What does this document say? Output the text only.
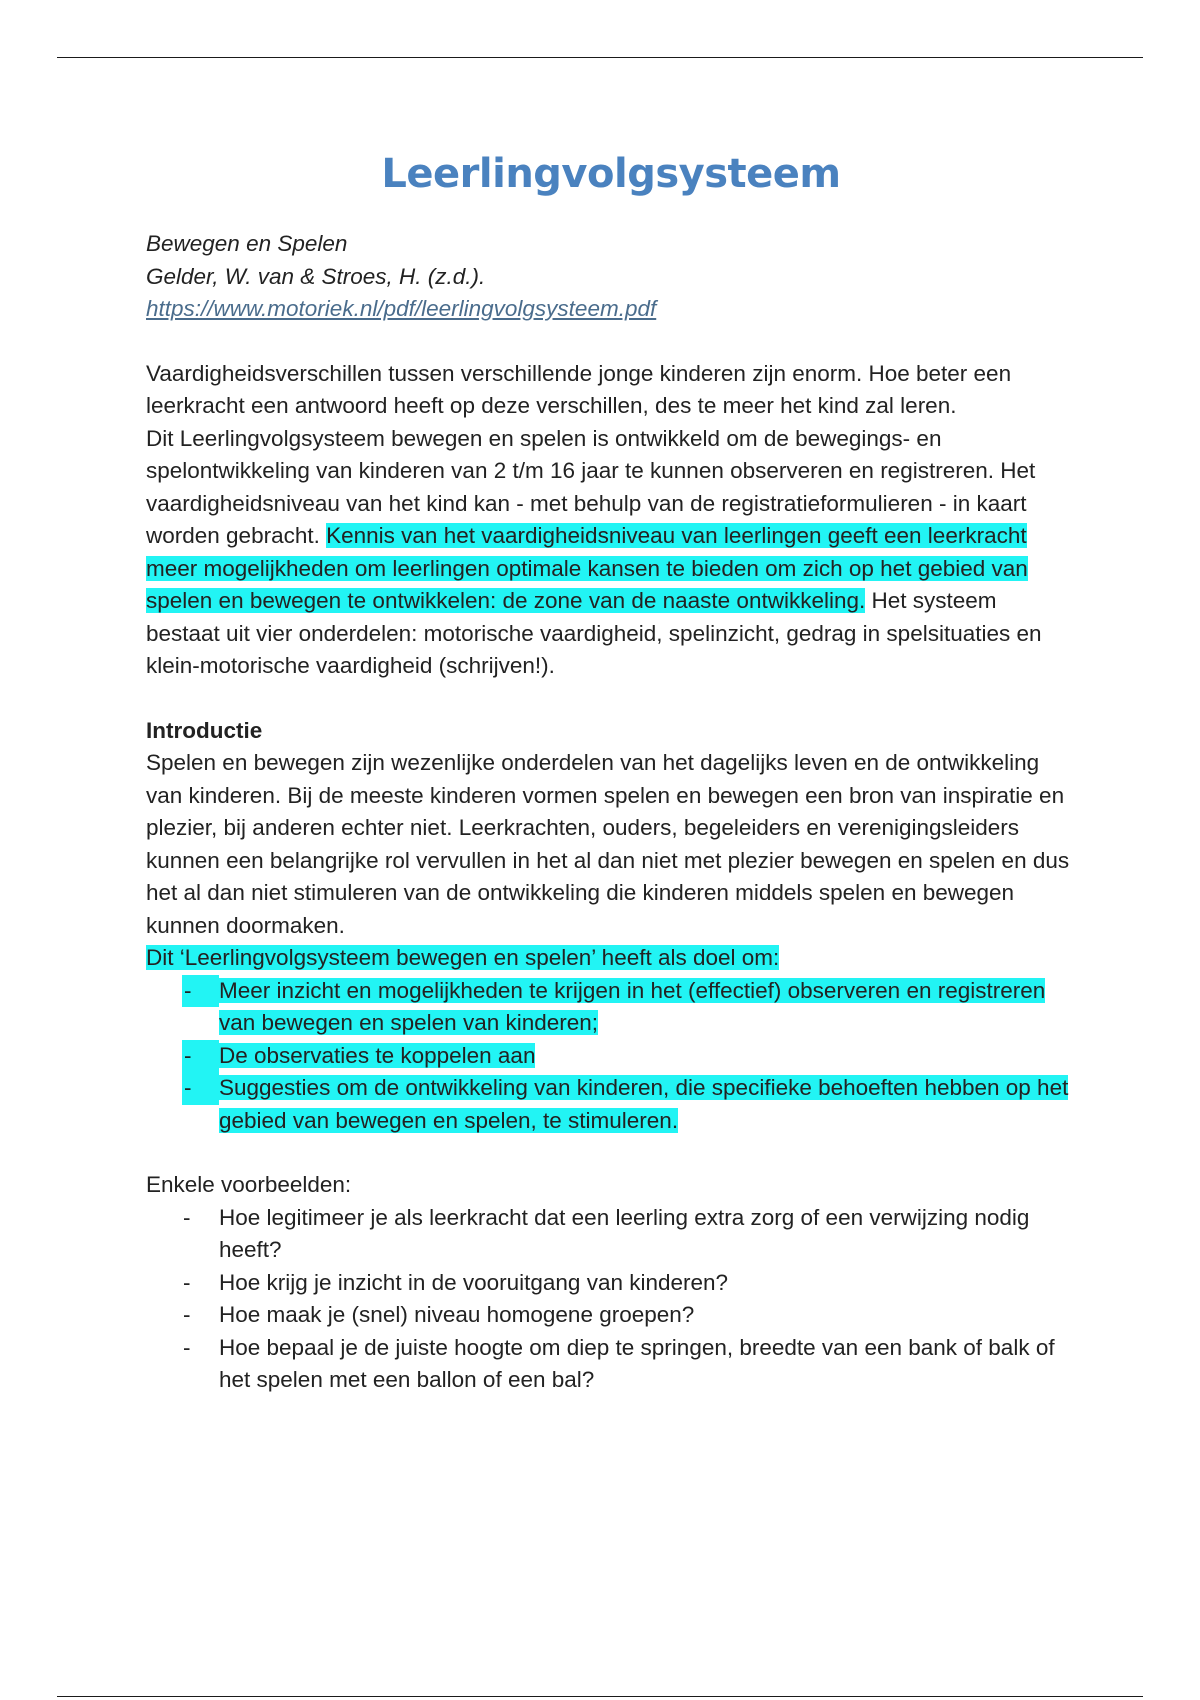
Leerlingvolgsysteem

Bewegen en Spelen

Gelder, W. van & Stroes, H. (z.d.).

https://www.motoriek.nl/pdf/leerlingvolgsysteem.pdf

Vaardigheidsverschillen tussen verschillende jonge kinderen zijn enorm. Hoe beter een leerkracht een antwoord heeft op deze verschillen, des te meer het kind zal leren.

Dit Leerlingvolgsysteem bewegen en spelen is ontwikkeld om de bewegings- en spelontwikkeling van kinderen van 2 t/m 16 jaar te kunnen observeren en registreren. Het vaardigheidsniveau van het kind kan - met behulp van de registratieformulieren - in kaart worden gebracht. Kennis van het vaardigheidsniveau van leerlingen geeft een leerkracht meer mogelijkheden om leerlingen optimale kansen te bieden om zich op het gebied van spelen en bewegen te ontwikkelen: de zone van de naaste ontwikkeling. Het systeem bestaat uit vier onderdelen: motorische vaardigheid, spelinzicht, gedrag in spelsituaties en klein-motorische vaardigheid (schrijven!).

Introductie

Spelen en bewegen zijn wezenlijke onderdelen van het dagelijks leven en de ontwikkeling van kinderen. Bij de meeste kinderen vormen spelen en bewegen een bron van inspiratie en plezier, bij anderen echter niet. Leerkrachten, ouders, begeleiders en verenigingsleiders kunnen een belangrijke rol vervullen in het al dan niet met plezier bewegen en spelen en dus het al dan niet stimuleren van de ontwikkeling die kinderen middels spelen en bewegen kunnen doormaken.

Dit ‘Leerlingvolgsysteem bewegen en spelen’ heeft als doel om:

-	Meer inzicht en mogelijkheden te krijgen in het (effectief) observeren en registreren van bewegen en spelen van kinderen;
-	De observaties te koppelen aan
-	Suggesties om de ontwikkeling van kinderen, die specifieke behoeften hebben op het gebied van bewegen en spelen, te stimuleren.

Enkele voorbeelden:

- Hoe legitimeer je als leerkracht dat een leerling extra zorg of een verwijzing nodig heeft?
- Hoe krijg je inzicht in de vooruitgang van kinderen?
- Hoe maak je (snel) niveau homogene groepen?
- Hoe bepaal je de juiste hoogte om diep te springen, breedte van een bank of balk of het spelen met een ballon of een bal?
